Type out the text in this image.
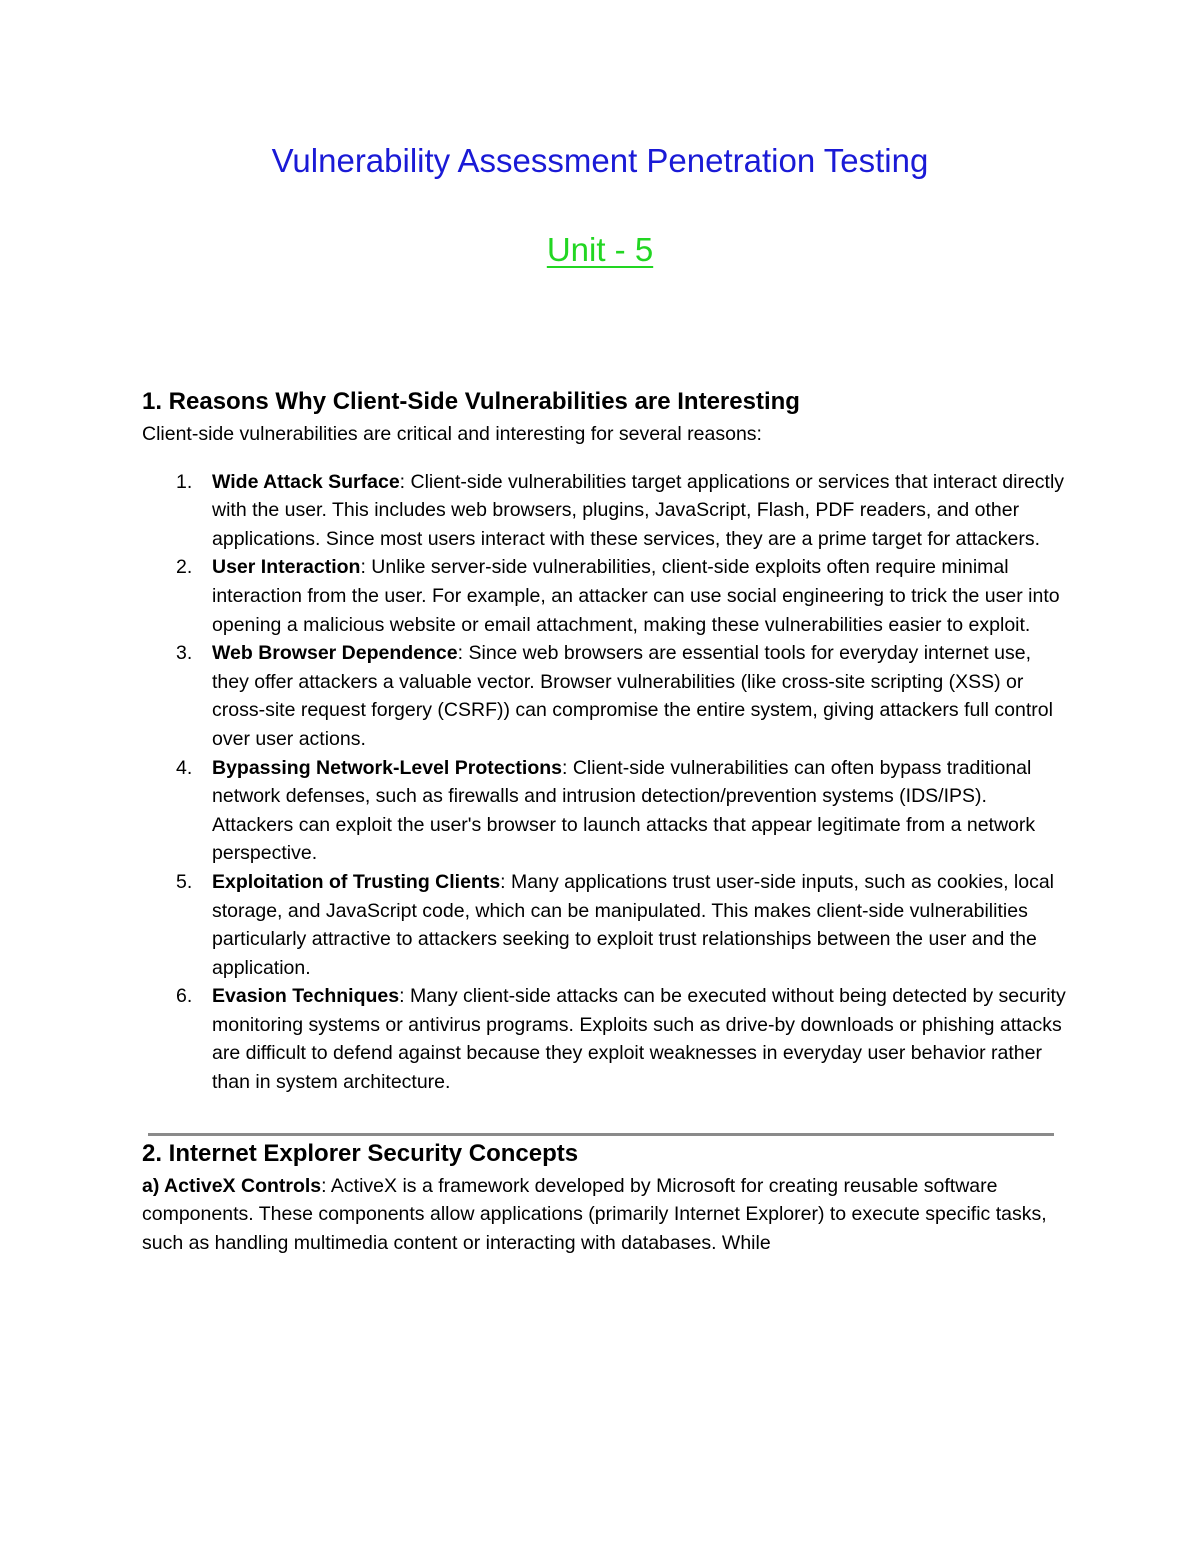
Vulnerability Assessment Penetration Testing
Unit - 5
1. Reasons Why Client-Side Vulnerabilities are Interesting

Client-side vulnerabilities are critical and interesting for several reasons:

1. Wide Attack Surface: Client-side vulnerabilities target applications or services that interact directly with the user. This includes web browsers, plugins, JavaScript, Flash, PDF readers, and other applications. Since most users interact with these services, they are a prime target for attackers.
2. User Interaction: Unlike server-side vulnerabilities, client-side exploits often require minimal interaction from the user. For example, an attacker can use social engineering to trick the user into opening a malicious website or email attachment, making these vulnerabilities easier to exploit.
3. Web Browser Dependence: Since web browsers are essential tools for everyday internet use, they offer attackers a valuable vector. Browser vulnerabilities (like cross-site scripting (XSS) or cross-site request forgery (CSRF)) can compromise the entire system, giving attackers full control over user actions.
4. Bypassing Network-Level Protections: Client-side vulnerabilities can often bypass traditional network defenses, such as firewalls and intrusion detection/prevention systems (IDS/IPS). Attackers can exploit the user's browser to launch attacks that appear legitimate from a network perspective.
5. Exploitation of Trusting Clients: Many applications trust user-side inputs, such as cookies, local storage, and JavaScript code, which can be manipulated. This makes client-side vulnerabilities particularly attractive to attackers seeking to exploit trust relationships between the user and the application.
6. Evasion Techniques: Many client-side attacks can be executed without being detected by security monitoring systems or antivirus programs. Exploits such as drive-by downloads or phishing attacks are difficult to defend against because they exploit weaknesses in everyday user behavior rather than in system architecture.
2. Internet Explorer Security Concepts

a) ActiveX Controls: ActiveX is a framework developed by Microsoft for creating reusable software components. These components allow applications (primarily Internet Explorer) to execute specific tasks, such as handling multimedia content or interacting with databases. While
